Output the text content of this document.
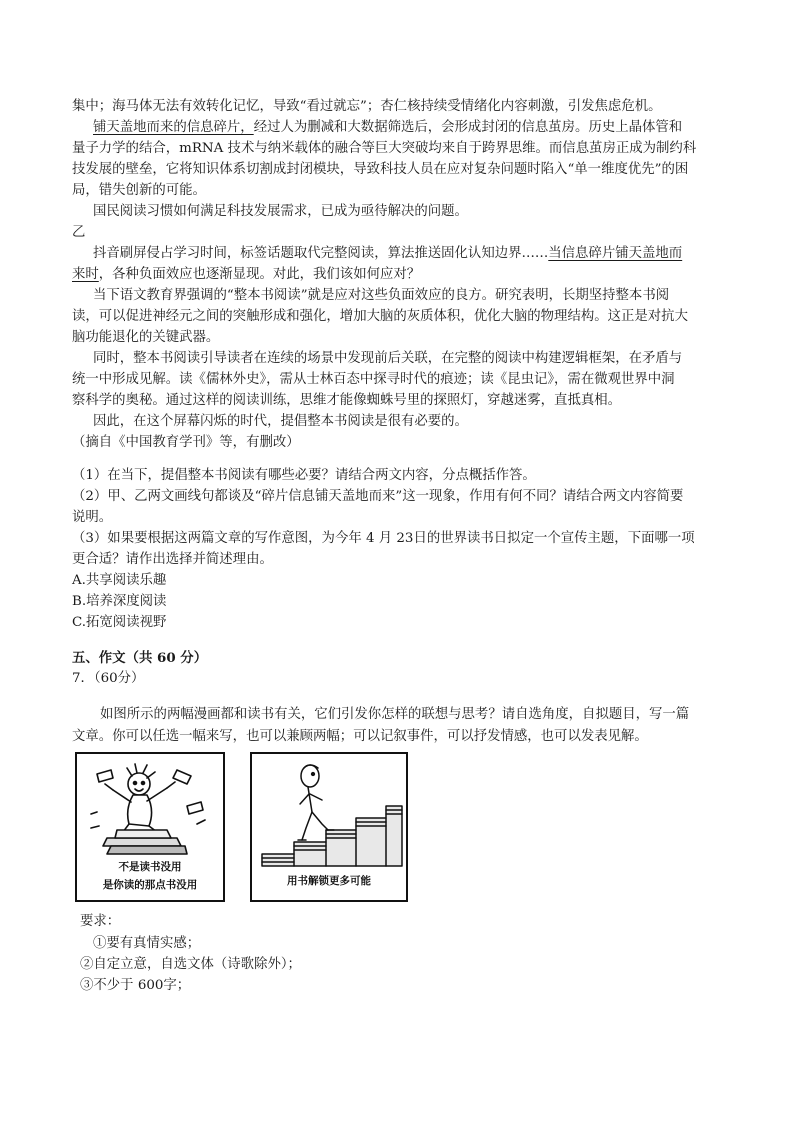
集中；海马体无法有效转化记忆，导致“看过就忘”；杏仁核持续受情绪化内容刺激，引发焦虑危机。
铺天盖地而来的信息碎片，经过人为删减和大数据筛选后，会形成封闭的信息茧房。历史上晶体管和
量子力学的结合，mRNA 技术与纳米载体的融合等巨大突破均来自于跨界思维。而信息茧房正成为制约科
技发展的壁垒，它将知识体系切割成封闭模块，导致科技人员在应对复杂问题时陷入“单一维度优先”的困
局，错失创新的可能。
国民阅读习惯如何满足科技发展需求，已成为亟待解决的问题。
乙
抖音刷屏侵占学习时间，标签话题取代完整阅读，算法推送固化认知边界……当信息碎片铺天盖地而
来时，各种负面效应也逐渐显现。对此，我们该如何应对？
当下语文教育界强调的“整本书阅读”就是应对这些负面效应的良方。研究表明，长期坚持整本书阅
读，可以促进神经元之间的突触形成和强化，增加大脑的灰质体积，优化大脑的物理结构。这正是对抗大
脑功能退化的关键武器。
同时，整本书阅读引导读者在连续的场景中发现前后关联，在完整的阅读中构建逻辑框架，在矛盾与
统一中形成见解。读《儒林外史》，需从士林百态中探寻时代的痕迹；读《昆虫记》，需在微观世界中洞
察科学的奥秘。通过这样的阅读训练，思维才能像蜘蛛号里的探照灯，穿越迷雾，直抵真相。
因此，在这个屏幕闪烁的时代，提倡整本书阅读是很有必要的。
（摘自《中国教育学刊》等，有删改）
（1）在当下，提倡整本书阅读有哪些必要？请结合两文内容，分点概括作答。
（2）甲、乙两文画线句都谈及“碎片信息铺天盖地而来”这一现象，作用有何不同？请结合两文内容简要
说明。
（3）如果要根据这两篇文章的写作意图，为今年 4 月 23日的世界读书日拟定一个宣传主题，下面哪一项
更合适？请作出选择并简述理由。
A.共享阅读乐趣
B.培养深度阅读
C.拓宽阅读视野
五、作文（共 60 分）
7．（60分）
如图所示的两幅漫画都和读书有关，它们引发你怎样的联想与思考？请自选角度，自拟题目，写一篇
文章。你可以任选一幅来写，也可以兼顾两幅；可以记叙事件，可以抒发情感，也可以发表见解。
不是读书没用
是你读的那点书没用	用书解锁更多可能
要求：
①要有真情实感；
②自定立意，自选文体（诗歌除外）；
③不少于 600字；
